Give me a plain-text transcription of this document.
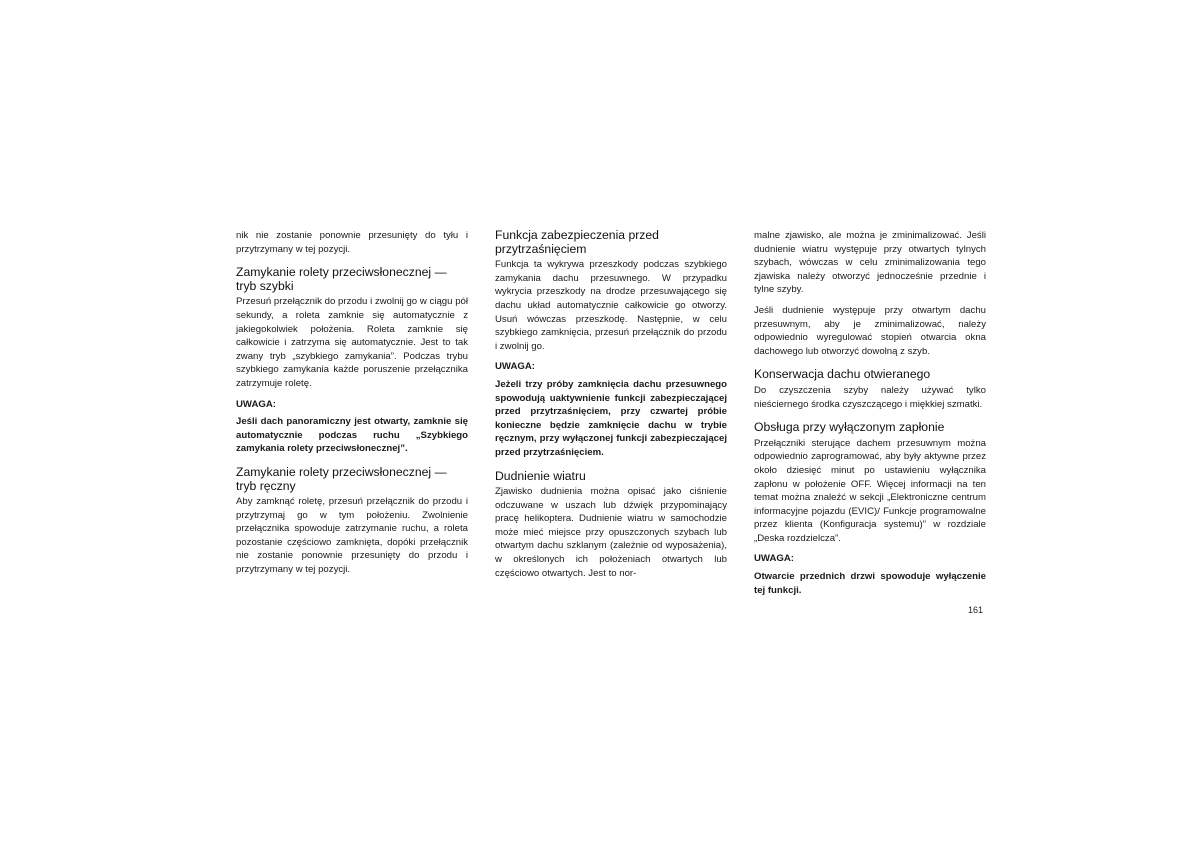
nik nie zostanie ponownie przesunięty do tyłu i przytrzymany w tej pozycji.

Zamykanie rolety przeciwsłonecznej — tryb szybki

Przesuń przełącznik do przodu i zwolnij go w ciągu pół sekundy, a roleta zamknie się automatycznie z jakiegokolwiek położenia. Roleta zamknie się całkowicie i zatrzyma się automatycznie. Jest to tak zwany tryb „szybkiego zamykania”. Podczas trybu szybkiego zamykania każde poruszenie przełącznika zatrzymuje roletę.

UWAGA:

Jeśli dach panoramiczny jest otwarty, zamknie się automatycznie podczas ruchu „Szybkiego zamykania rolety przeciwsłonecznej”.

Zamykanie rolety przeciwsłonecznej — tryb ręczny

Aby zamknąć roletę, przesuń przełącznik do przodu i przytrzymaj go w tym położeniu. Zwolnienie przełącznika spowoduje zatrzymanie ruchu, a roleta pozostanie częściowo zamknięta, dopóki przełącznik nie zostanie ponownie przesunięty do przodu i przytrzymany w tej pozycji.

Funkcja zabezpieczenia przed przytrzaśnięciem

Funkcja ta wykrywa przeszkody podczas szybkiego zamykania dachu przesuwnego. W przypadku wykrycia przeszkody na drodze przesuwającego się dachu układ automatycznie całkowicie go otworzy. Usuń wówczas przeszkodę. Następnie, w celu szybkiego zamknięcia, przesuń przełącznik do przodu i zwolnij go.

UWAGA:

Jeżeli trzy próby zamknięcia dachu przesuwnego spowodują uaktywnienie funkcji zabezpieczającej przed przytrzaśnięciem, przy czwartej próbie konieczne będzie zamknięcie dachu w trybie ręcznym, przy wyłączonej funkcji zabezpieczającej przed przytrzaśnięciem.

Dudnienie wiatru

Zjawisko dudnienia można opisać jako ciśnienie odczuwane w uszach lub dźwięk przypominający pracę helikoptera. Dudnienie wiatru w samochodzie może mieć miejsce przy opuszczonych szybach lub otwartym dachu szklanym (zależnie od wyposażenia), w określonych ich położeniach otwartych lub częściowo otwartych. Jest to nor-

malne zjawisko, ale można je zminimalizować. Jeśli dudnienie wiatru występuje przy otwartych tylnych szybach, wówczas w celu zminimalizowania tego zjawiska należy otworzyć jednocześnie przednie i tylne szyby.

Jeśli dudnienie występuje przy otwartym dachu przesuwnym, aby je zminimalizować, należy odpowiednio wyregulować stopień otwarcia okna dachowego lub otworzyć dowolną z szyb.

Konserwacja dachu otwieranego

Do czyszczenia szyby należy używać tylko nieściernego środka czyszczącego i miękkiej szmatki.

Obsługa przy wyłączonym zapłonie

Przełączniki sterujące dachem przesuwnym można odpowiednio zaprogramować, aby były aktywne przez około dziesięć minut po ustawieniu wyłącznika zapłonu w położenie OFF. Więcej informacji na ten temat można znaleźć w sekcji „Elektroniczne centrum informacyjne pojazdu (EVIC)/ Funkcje programowalne przez klienta (Konfiguracja systemu)” w rozdziale „Deska rozdzielcza”.

UWAGA:

Otwarcie przednich drzwi spowoduje wyłączenie tej funkcji.

161
